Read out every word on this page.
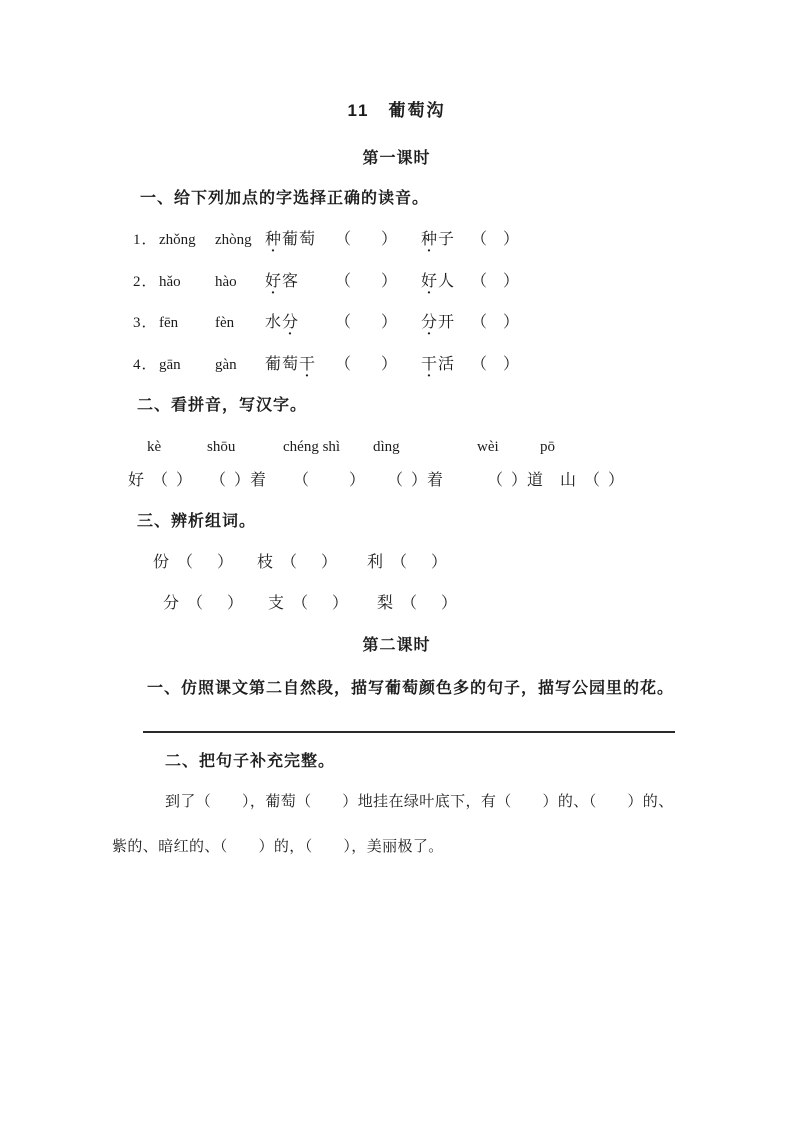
11　葡萄沟
第一课时
一、给下列加点的字选择正确的读音。
1． zhǒng	zhòng 种葡萄	（ ） 种子 （ ）
2． hǎo	hào	好客	（ ） 好人 （ ）
3． fēn	fèn	水分	（ ） 分开 （ ）
4． gān	gàn	葡萄干	（ ） 干活 （ ）
二、看拼音，写汉字。
kè	shōu	chéng shì dìng	wèi	pō
好 （ ） （ ） 着 （ ） （ ） 着	（ ） 道 山 （ ）
三、辨析组词。
份 （ ） 枝 （ ） 利 （ ）
分 （ ） 支 （ ） 梨 （ ）
第二课时
一、仿照课文第二自然段，描写葡萄颜色多的句子，描写公园里的花。
二、把句子补充完整。
到了（　　），葡萄（　　）地挂在绿叶底下，有（　　）的、（　　）的、
紫的、暗红的、（　　）的，（　　），美丽极了。
